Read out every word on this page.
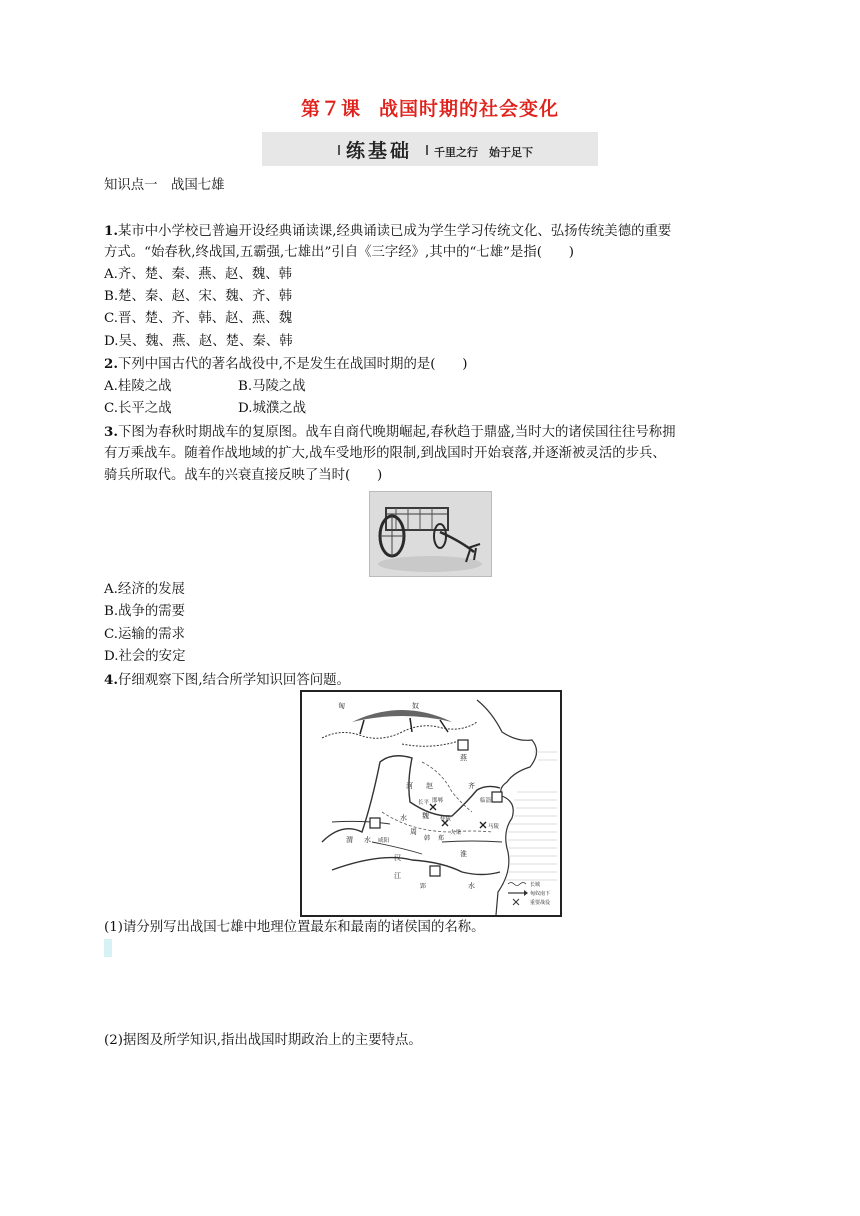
第７课 战国时期的社会变化
练基础 千里之行　始于足下
知识点一　战国七雄
1.某市中小学校已普遍开设经典诵读课,经典诵读已成为学生学习传统文化、弘扬传统美德的重要
方式。“始春秋,终战国,五霸强,七雄出”引自《三字经》,其中的“七雄”是指(　　)
A.齐、楚、秦、燕、赵、魏、韩
B.楚、秦、赵、宋、魏、齐、韩
C.晋、楚、齐、韩、赵、燕、魏
D.吴、魏、燕、赵、楚、秦、韩
2.下列中国古代的著名战役中,不是发生在战国时期的是(　　)
A.桂陵之战	B.马陵之战
C.长平之战	D.城濮之战
3.下图为春秋时期战车的复原图。战车自商代晚期崛起,春秋趋于鼎盛,当时大的诸侯国往往号称拥
有万乘战车。随着作战地域的扩大,战车受地形的限制,到战国时开始衰落,并逐渐被灵活的步兵、
骑兵所取代。战车的兴衰直接反映了当时(　　)
A.经济的发展
B.战争的需要
C.运输的需求
D.社会的安定
4.仔细观察下图,结合所学知识回答问题。
匈	奴
燕
赵
河
长平 邯郸	临淄
齐
魏 桂陵
马陵
大梁
周
韩 郑
咸阳
渭 水
水
水
淮
汉
江
郢	长城
匈奴南下
重要战役
(1)请分别写出战国七雄中地理位置最东和最南的诸侯国的名称。
(2)据图及所学知识,指出战国时期政治上的主要特点。
